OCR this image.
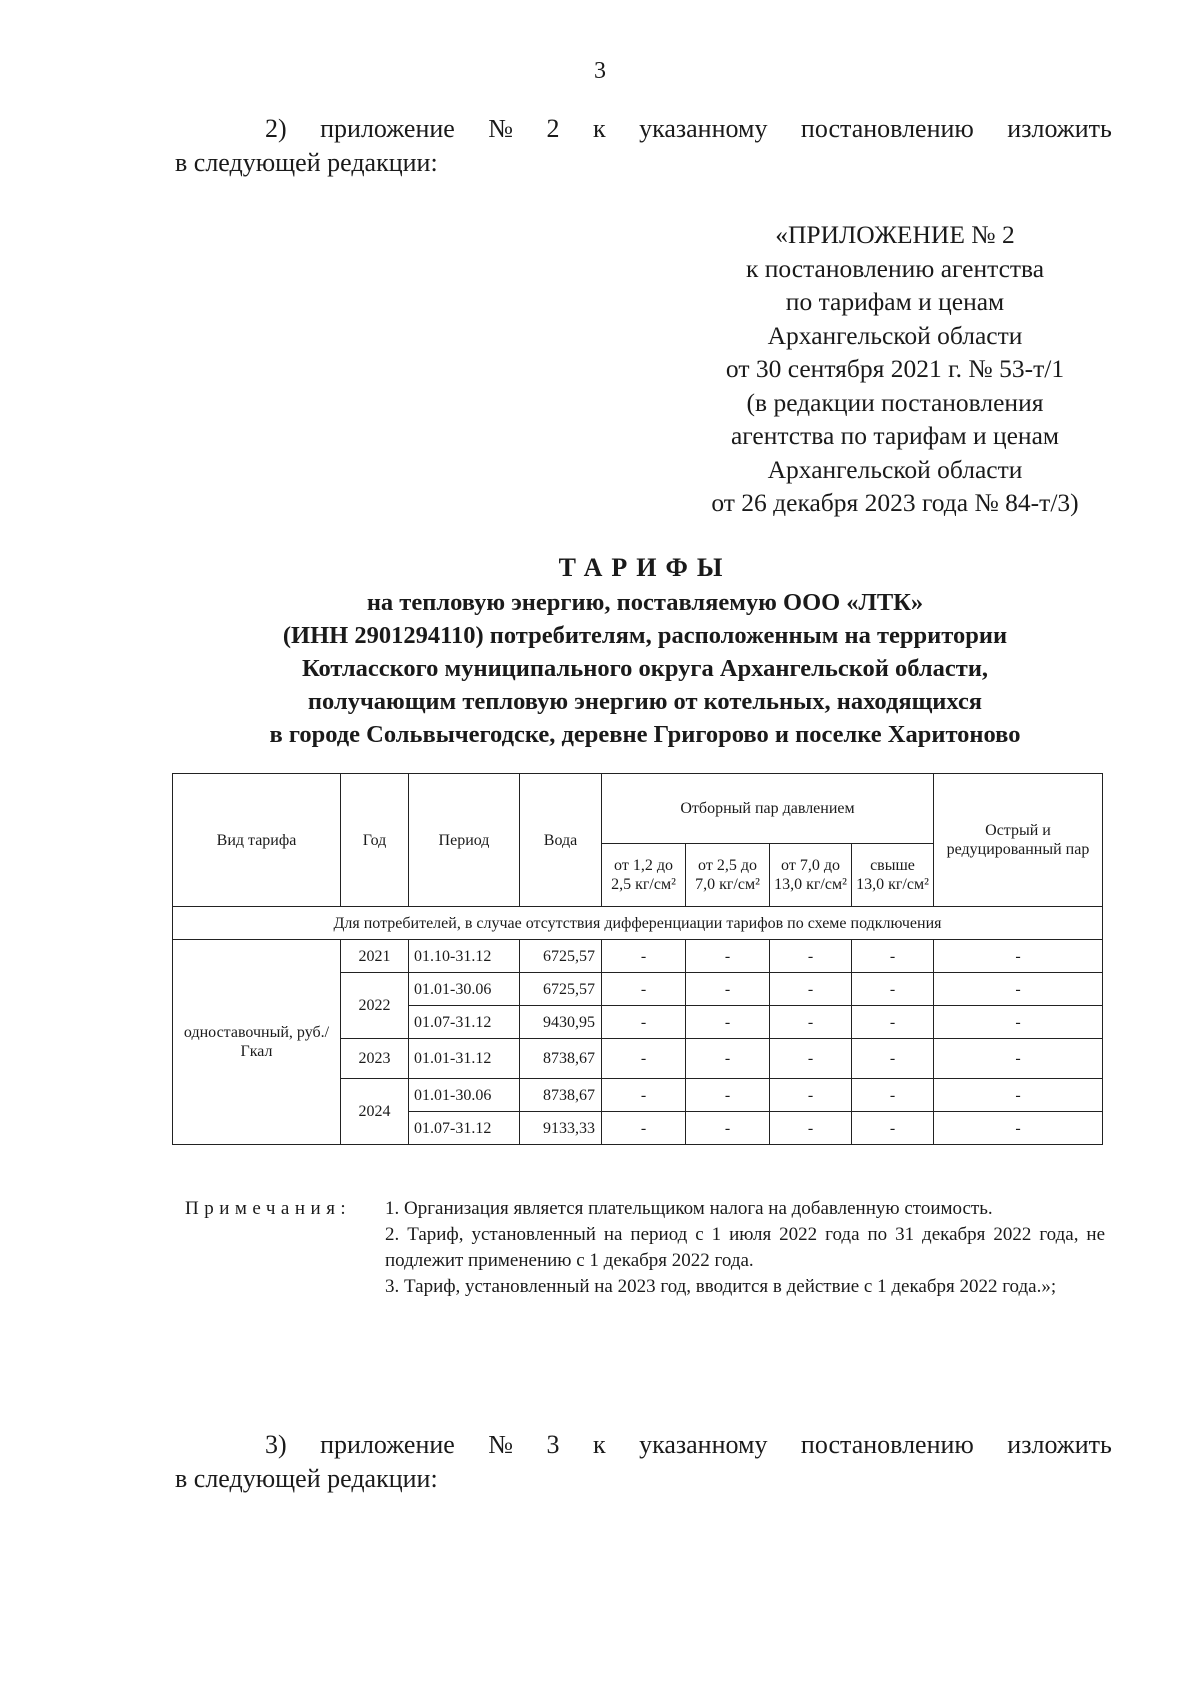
3
2) приложение № 2 к указанному постановлению изложить
в следующей редакции:
«ПРИЛОЖЕНИЕ № 2
к постановлению агентства
по тарифам и ценам
Архангельской области
от 30 сентября 2021 г. № 53-т/1
(в редакции постановления
агентства по тарифам и ценам
Архангельской области
от 26 декабря 2023 года № 84-т/3)
ТАРИФЫ
на тепловую энергию, поставляемую ООО «ЛТК»
(ИНН 2901294110) потребителям, расположенным на территории
Котласского муниципального округа Архангельской области,
получающим тепловую энергию от котельных, находящихся
в городе Сольвычегодске, деревне Григорово и поселке Харитоново
Вид тарифа	Год	Период	Вода	Отборный пар давлением				Острый и редуцированный пар
				от 1,2 до 2,5 кг/см²	от 2,5 до 7,0 кг/см²	от 7,0 до 13,0 кг/см²	свыше 13,0 кг/см²	
Для потребителей, в случае отсутствия дифференциации тарифов по схеме подключения								
одноставочный, руб./Гкал	2021	01.10-31.12	6725,57	-	-	-	-	-
	2022	01.01-30.06	6725,57	-	-	-	-	-
		01.07-31.12	9430,95	-	-	-	-	-
	2023	01.01-31.12	8738,67	-	-	-	-	-
	2024	01.01-30.06	8738,67	-	-	-	-	-
		01.07-31.12	9133,33	-	-	-	-	-
Примечания: 1. Организация является плательщиком налога на добавленную стоимость.
2. Тариф, установленный на период с 1 июля 2022 года по 31 декабря 2022 года, не подлежит применению с 1 декабря 2022 года.
3. Тариф, установленный на 2023 год, вводится в действие с 1 декабря 2022 года.»;
3) приложение № 3 к указанному постановлению изложить
в следующей редакции:
